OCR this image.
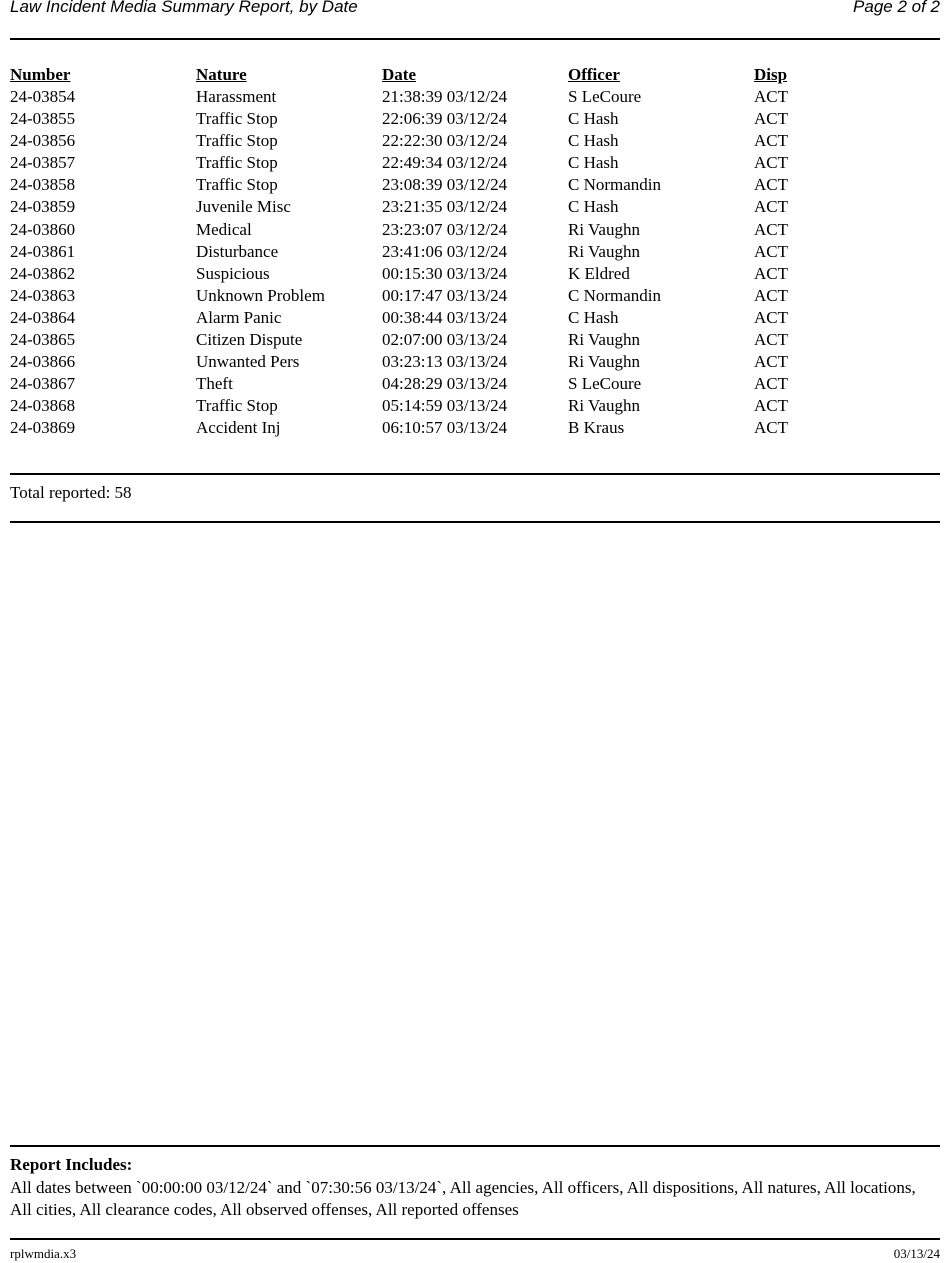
Law Incident Media Summary Report, by Date	Page 2 of 2
Number	Nature	Date	Officer	Disp
24-03854	Harassment	21:38:39 03/12/24	S LeCoure	ACT
24-03855	Traffic Stop	22:06:39 03/12/24	C Hash	ACT
24-03856	Traffic Stop	22:22:30 03/12/24	C Hash	ACT
24-03857	Traffic Stop	22:49:34 03/12/24	C Hash	ACT
24-03858	Traffic Stop	23:08:39 03/12/24	C Normandin	ACT
24-03859	Juvenile Misc	23:21:35 03/12/24	C Hash	ACT
24-03860	Medical	23:23:07 03/12/24	Ri Vaughn	ACT
24-03861	Disturbance	23:41:06 03/12/24	Ri Vaughn	ACT
24-03862	Suspicious	00:15:30 03/13/24	K Eldred	ACT
24-03863	Unknown Problem	00:17:47 03/13/24	C Normandin	ACT
24-03864	Alarm Panic	00:38:44 03/13/24	C Hash	ACT
24-03865	Citizen Dispute	02:07:00 03/13/24	Ri Vaughn	ACT
24-03866	Unwanted Pers	03:23:13 03/13/24	Ri Vaughn	ACT
24-03867	Theft	04:28:29 03/13/24	S LeCoure	ACT
24-03868	Traffic Stop	05:14:59 03/13/24	Ri Vaughn	ACT
24-03869	Accident Inj	06:10:57 03/13/24	B Kraus	ACT
Total reported: 58
Report Includes:
All dates between `00:00:00 03/12/24` and `07:30:56 03/13/24`, All agencies, All officers, All dispositions, All natures, All locations, All cities, All clearance codes, All observed offenses, All reported offenses
rplwmdia.x3	03/13/24
